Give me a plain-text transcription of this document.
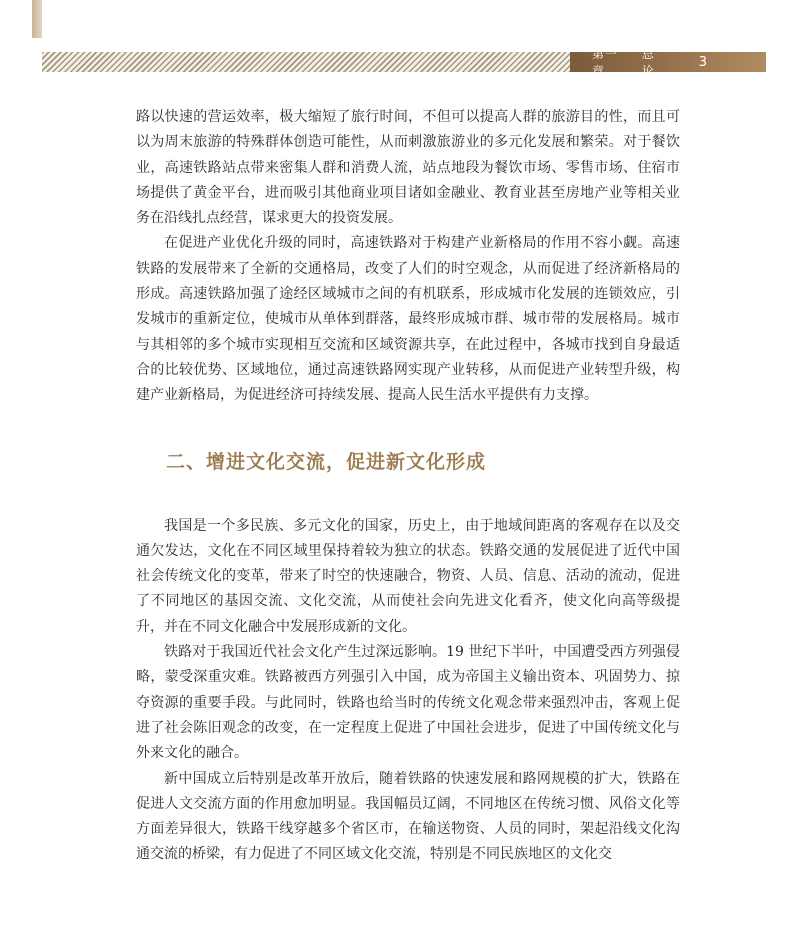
第一章
总论
3

路以快速的营运效率，极大缩短了旅行时间，不但可以提高人群的旅游目的性，而且可以为周末旅游的特殊群体创造可能性，从而刺激旅游业的多元化发展和繁荣。对于餐饮业，高速铁路站点带来密集人群和消费人流，站点地段为餐饮市场、零售市场、住宿市场提供了黄金平台，进而吸引其他商业项目诸如金融业、教育业甚至房地产业等相关业务在沿线扎点经营，谋求更大的投资发展。

在促进产业优化升级的同时，高速铁路对于构建产业新格局的作用不容小觑。高速铁路的发展带来了全新的交通格局，改变了人们的时空观念，从而促进了经济新格局的形成。高速铁路加强了途经区域城市之间的有机联系，形成城市化发展的连锁效应，引发城市的重新定位，使城市从单体到群落，最终形成城市群、城市带的发展格局。城市与其相邻的多个城市实现相互交流和区域资源共享，在此过程中，各城市找到自身最适合的比较优势、区域地位，通过高速铁路网实现产业转移，从而促进产业转型升级，构建产业新格局，为促进经济可持续发展、提高人民生活水平提供有力支撑。

二、增进文化交流，促进新文化形成

我国是一个多民族、多元文化的国家，历史上，由于地域间距离的客观存在以及交通欠发达，文化在不同区域里保持着较为独立的状态。铁路交通的发展促进了近代中国社会传统文化的变革，带来了时空的快速融合，物资、人员、信息、活动的流动，促进了不同地区的基因交流、文化交流，从而使社会向先进文化看齐，使文化向高等级提升，并在不同文化融合中发展形成新的文化。

铁路对于我国近代社会文化产生过深远影响。19 世纪下半叶，中国遭受西方列强侵略，蒙受深重灾难。铁路被西方列强引入中国，成为帝国主义输出资本、巩固势力、掠夺资源的重要手段。与此同时，铁路也给当时的传统文化观念带来强烈冲击，客观上促进了社会陈旧观念的改变，在一定程度上促进了中国社会进步，促进了中国传统文化与外来文化的融合。

新中国成立后特别是改革开放后，随着铁路的快速发展和路网规模的扩大，铁路在促进人文交流方面的作用愈加明显。我国幅员辽阔，不同地区在传统习惯、风俗文化等方面差异很大，铁路干线穿越多个省区市，在输送物资、人员的同时，架起沿线文化沟通交流的桥梁，有力促进了不同区域文化交流，特别是不同民族地区的文化交
